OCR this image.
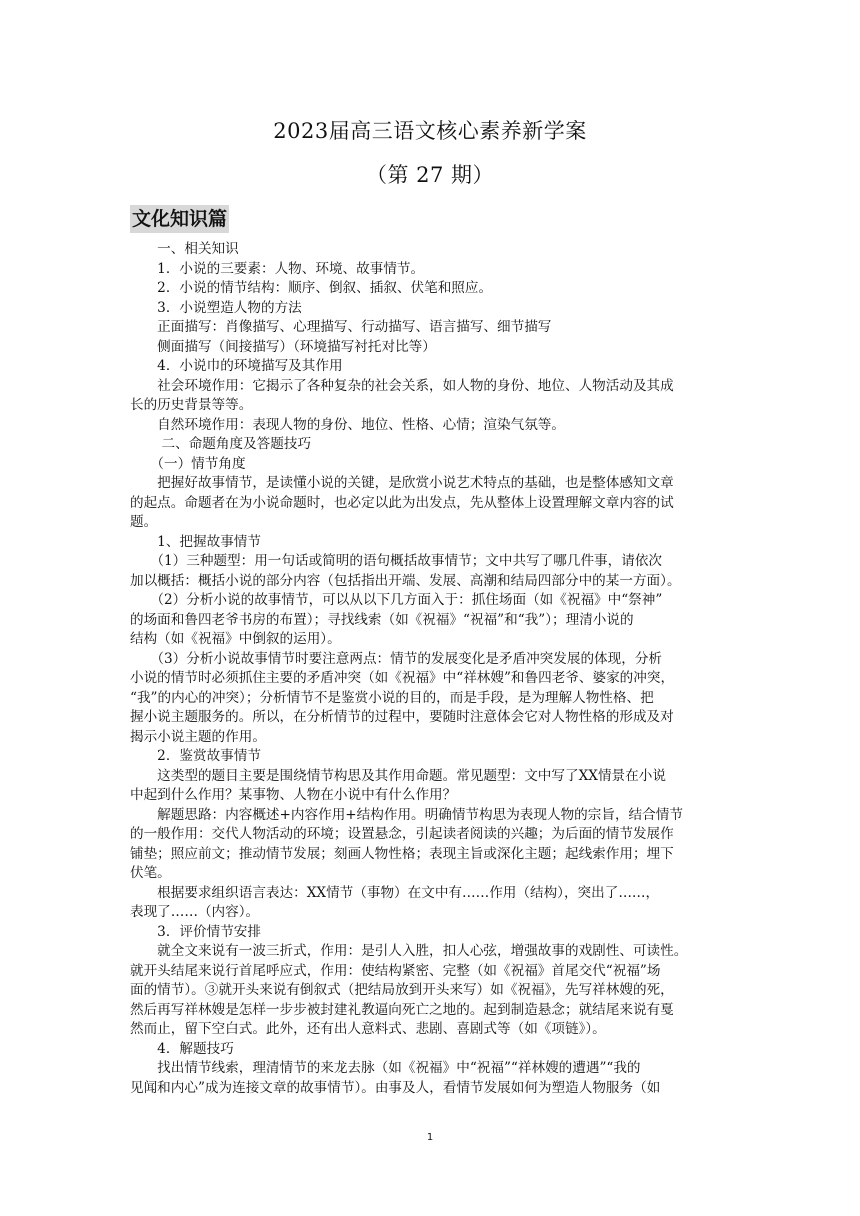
2023届高三语文核心素养新学案
（第 27 期）
文化知识篇

　　一、相关知识

　　1．小说的三要素：人物、环境、故事情节。

　　2．小说的情节结构：顺序、倒叙、插叙、伏笔和照应。

　　3．小说塑造人物的方法

　　正面描写：肖像描写、心理描写、行动描写、语言描写、细节描写

　　侧面描写（间接描写）（环境描写衬托对比等）

　　4．小说巾的环境描写及其作用

　　社会环境作用：它揭示了各种复杂的社会关系，如人物的身份、地位、人物活动及其成

长的历史背景等等。

　　自然环境作用：表现人物的身份、地位、性格、心情；渲染气氛等。

　　 二、命题角度及答题技巧

　　（一）情节角度

　　把握好故事情节，是读懂小说的关键，是欣赏小说艺术特点的基础，也是整体感知文章

的起点。命题者在为小说命题时，也必定以此为出发点，先从整体上设置理解文章内容的试

题。

　　1、把握故事情节

　　（1）三种题型：用一句话或简明的语句概括故事情节；文中共写了哪几件事，请依次

加以概括：概括小说的部分内容（包括指出开端、发展、高潮和结局四部分中的某一方面）。

　　（2）分析小说的故事情节，可以从以下几方面入于：抓住场面（如《祝福》中“祭神”

的场面和鲁四老爷书房的布置）；寻找线索（如《祝福》“祝福”和“我”）；理清小说的

结构（如《祝福》中倒叙的运用）。

　　（3）分析小说故事情节时要注意两点：情节的发展变化是矛盾冲突发展的体现，分析

小说的情节时必须抓住主要的矛盾冲突（如《祝福》中“祥林嫂”和鲁四老爷、婆家的冲突，

“我”的内心的冲突）；分析情节不是鉴赏小说的目的，而是手段，是为理解人物性格、把

握小说主题服务的。所以，在分析情节的过程中，要随时注意体会它对人物性格的形成及对

揭示小说主题的作用。

　　2．鉴赏故事情节

　　这类型的题目主要是围绕情节构思及其作用命题。常见题型：文中写了XX情景在小说

中起到什么作用？某事物、人物在小说中有什么作用？

　　解题思路：内容概述+内容作用+结构作用。明确情节构思为表现人物的宗旨，结合情节

的一般作用：交代人物活动的环境；设置悬念，引起读者阅读的兴趣；为后面的情节发展作

铺垫；照应前文；推动情节发展；刻画人物性格；表现主旨或深化主题；起线索作用；埋下

伏笔。

　　根据要求组织语言表达：XX情节（事物）在文中有……作用（结构），突出了……，

表现了……（内容）。

　　3．评价情节安排

　　就全文来说有一波三折式，作用：是引人入胜，扣人心弦，增强故事的戏剧性、可读性。

就开头结尾来说行首尾呼应式，作用：使结构紧密、完整（如《祝福》首尾交代“祝福”场

面的情节）。③就开头来说有倒叙式（把结局放到开头来写）如《祝福》，先写祥林嫂的死，

然后再写祥林嫂是怎样一步步被封建礼教逼向死亡之地的。起到制造悬念；就结尾来说有戛

然而止，留下空白式。此外，还有出人意料式、悲剧、喜剧式等（如《项链》）。

　　4．解题技巧

　　找出情节线索，理清情节的来龙去脉（如《祝福》中“祝福”“祥林嫂的遭遇”“我的

见闻和内心”成为连接文章的故事情节）。由事及人，看情节发展如何为塑造人物服务（如

1
